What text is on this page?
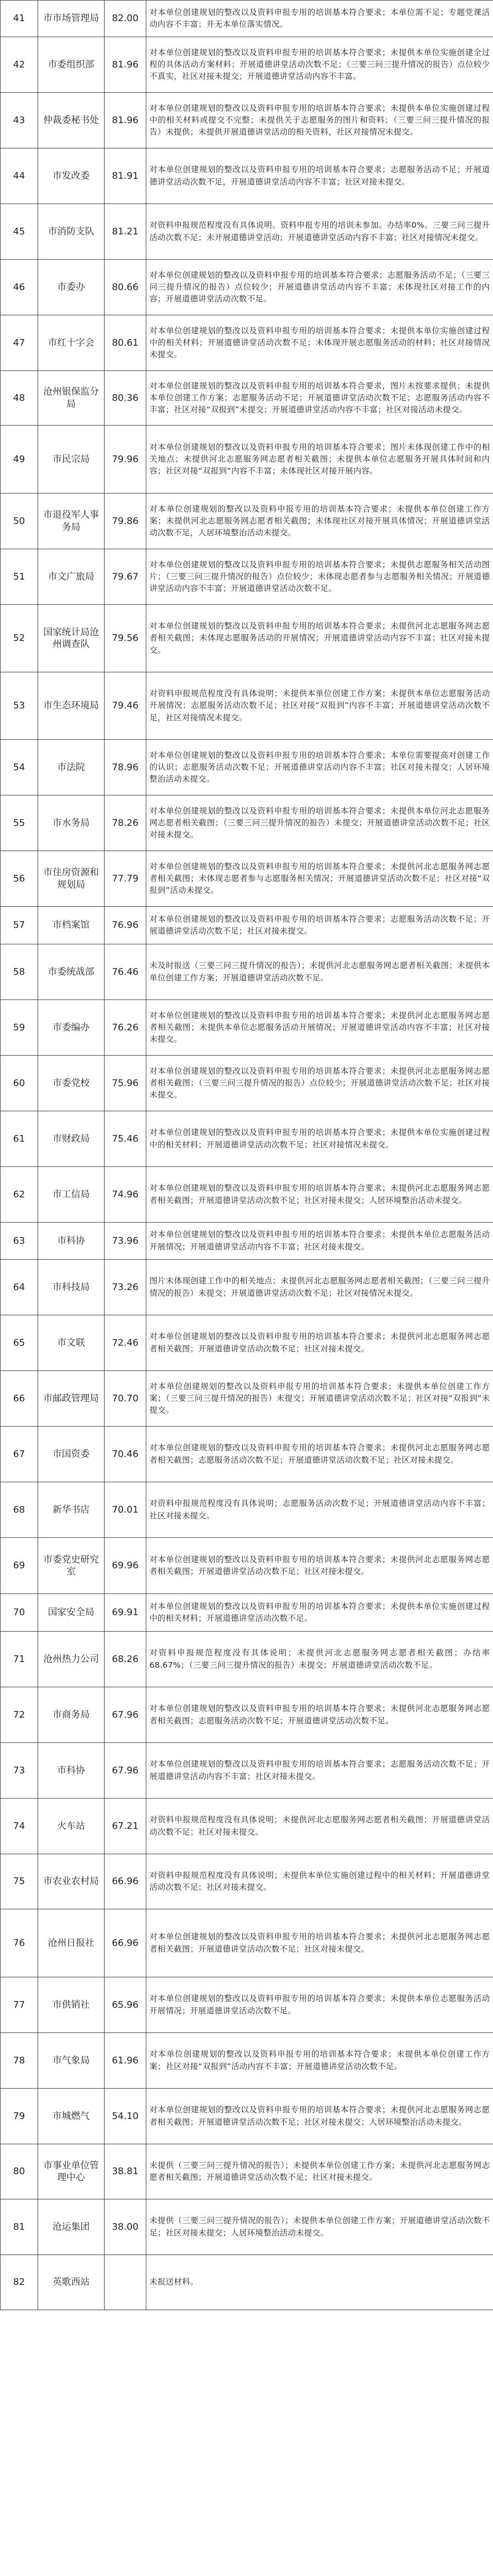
41	市市场管理局	82.00	对本单位创建规划的整改以及资料申报专用的培训基本符合要求；本单位需不足；专题党课活动内容不丰富；并无本单位落实情况。
42	市委组织部	81.96	对本单位创建规划的整改以及资料申报专用的培训基本符合要求；未提供本单位实施创建全过程的具体活动方案材料；开展道德讲堂活动次数不足；（三要三问三提升情况的报告）点位较少不真实，社区对接未提交；开展道德讲堂活动内容不丰富。
43	仲裁委秘书处	81.96	对本单位创建规划的整改以及资料申报专用的培训基本符合要求；未提供本单位实施创建过程中的相关材料或提交不完整；未提供关于志愿服务的图片和资料；（三要三问三提升情况的报告）未提供；未提供开展道德讲堂活动的相关资料，社区对接情况未提交。
44	市发改委	81.91	对本单位创建规划的整改以及资料申报专用的培训基本符合要求；志愿服务活动不足；开展道德讲堂活动次数不足，开展道德讲堂活动内容不丰富；社区对接未提交。
45	市消防支队	81.21	对资料申报规范程度没有具体说明。资料申报专用的培训未参加。办结率0%。三要三问三提升活动次数不足；未开展道德讲堂活动；开展道德讲堂活动内容不丰富；社区对接情况未提交。
46	市委办	80.66	对本单位创建规划的整改以及资料申报专用的培训基本符合要求；志愿服务活动不足；（三要三问三提升情况的报告）点位较少；开展道德讲堂活动内容不丰富；未体现社区对接工作的内容；开展道德讲堂活动次数不足。
47	市红十字会	80.61	对本单位创建规划的整改以及资料申报专用的培训基本符合要求；未提供本单位实施创建过程中的相关材料；开展道德讲堂活动次数不足；未体现开展志愿服务活动的材料；社区对接情况未提交。
48	沧州银保监分局	80.36	对本单位创建规划的整改以及资料申报专用的培训基本符合要求，图片未按要求提供；未提供本单位创建工作方案；志愿服务活动不足；开展道德讲堂活动次数不足；志愿服务活动内容不丰富；社区对接“双报到”未提交；开展道德讲堂活动内容不丰富；社区对接活动未提交。
49	市民宗局	79.96	对本单位创建规划的整改以及资料申报专用的培训基本符合要求；图片未体现创建工作中的相关地点；未提供河北志愿服务网志愿者相关截图；未提供本单位志愿服务开展具体时间和内容；社区对接“双报到”内容不丰富；未体现社区对接开展内容。
50	市退役军人事务局	79.86	对本单位创建规划的整改以及资料申报专用的培训基本符合要求；未提供本单位创建工作方案；未提供河北志愿服务网志愿者相关截图；未体现社区对接开展具体情况；开展道德讲堂活动次数不足，人居环境整治活动未提交。
51	市文广旅局	79.67	对本单位创建规划的整改以及资料申报专用的培训基本符合要求；未提供志愿服务相关活动图片；（三要三问三提升情况的报告）点位较少；未体现志愿者参与志愿服务相关情况；开展道德讲堂活动内容不丰富；开展道德讲堂活动次数不足。
52	国家统计局沧州调查队	79.56	对本单位创建规划的整改以及资料申报专用的培训基本符合要求；未提供河北志愿服务网志愿者相关截图；未体现志愿服务活动的开展情况；开展道德讲堂活动内容不丰富；社区对接未提交。
53	市生态环境局	79.46	对资料申报规范程度没有具体说明；未提供本单位创建工作方案；未提供本单位志愿服务活动开展情况；志愿服务活动次数不足；社区对接“双报到”内容不丰富；开展道德讲堂活动次数不足，社区对接情况未提交。
54	市法院	78.96	对本单位创建规划的整改以及资料申报专用的培训基本符合要求；本单位需要提高对创建工作的认识；志愿服务活动次数不足；开展道德讲堂活动内容不丰富；社区对接未提交；人居环境整治活动未提交。
55	市水务局	78.26	对本单位创建规划的整改以及资料申报专用的培训基本符合要求；未提供本单位河北志愿服务网志愿者相关截图；（三要三问三提升情况的报告）未提交；开展道德讲堂活动次数不足；社区对接未提交。
56	市住房资源和规划局	77.79	对本单位创建规划的整改以及资料申报专用的培训基本符合要求；未提供河北志愿服务网志愿者相关截图；未体现志愿者参与志愿服务相关情况；开展道德讲堂活动次数不足；社区对接“双报到”活动未提交。
57	市档案馆	76.96	对本单位创建规划的整改以及资料申报专用的培训基本符合要求；志愿服务活动次数不足；开展道德讲堂活动次数不足；社区对接未提交。
58	市委统战部	76.46	未及时报送（三要三问三提升情况的报告）；未提供河北志愿服务网志愿者相关截图；未提供本单位创建工作方案；开展道德讲堂活动次数不足。
59	市委编办	76.26	对本单位创建规划的整改以及资料申报专用的培训基本符合要求；未提供河北志愿服务网志愿者相关截图；未提供本单位志愿服务活动开展情况；开展道德讲堂活动内容不丰富；社区对接未提交。
60	市委党校	75.96	对本单位创建规划的整改以及资料申报专用的培训基本符合要求；未提供河北志愿服务网志愿者相关截图；（三要三问三提升情况的报告）点位较少；开展道德讲堂活动次数不足；社区对接未提交。
61	市财政局	75.46	对本单位创建规划的整改以及资料申报专用的培训基本符合要求；未提供本单位实施创建过程中的相关材料；开展道德讲堂活动次数不足；社区对接情况未提交。
62	市工信局	74.96	对本单位创建规划的整改以及资料申报专用的培训基本符合要求；未提供河北志愿服务网志愿者相关截图；开展道德讲堂活动次数不足；社区对接未提交；人居环境整治活动未提交。
63	市科协	73.96	对本单位创建规划的整改以及资料申报专用的培训基本符合要求；未提供本单位志愿服务活动开展情况；开展道德讲堂活动内容不丰富；社区对接未提交。
64	市科技局	73.26	图片未体现创建工作中的相关地点；未提供河北志愿服务网志愿者相关截图；（三要三问三提升情况的报告）未提交；开展道德讲堂活动次数不足；社区对接情况未提交。
65	市文联	72.46	对本单位创建规划的整改以及资料申报专用的培训基本符合要求；未提供河北志愿服务网志愿者相关截图；开展道德讲堂活动次数不足；社区对接未提交。
66	市邮政管理局	70.70	对本单位创建规划的整改以及资料申报专用的培训基本符合要求；未提供本单位创建工作方案；（三要三问三提升情况的报告）未提交；开展道德讲堂活动次数不足；社区对接“双报到”未提交。
67	市国资委	70.46	对本单位创建规划的整改以及资料申报专用的培训基本符合要求；未提供河北志愿服务网志愿者相关截图；志愿服务活动次数不足；开展道德讲堂活动次数不足；社区对接未提交。
68	新华书店	70.01	对资料申报规范程度没有具体说明；志愿服务活动次数不足；开展道德讲堂活动内容不丰富；社区对接未提交。
69	市委党史研究室	69.96	对本单位创建规划的整改以及资料申报专用的培训基本符合要求；未提供河北志愿服务网志愿者相关截图；开展道德讲堂活动次数不足；社区对接未提交。
70	国家安全局	69.91	对本单位创建规划的整改以及资料申报专用的培训基本符合要求；未提供本单位实施创建过程中的相关材料；开展道德讲堂活动次数不足。
71	沧州热力公司	68.26	对资料申报规范程度没有具体说明；未提供河北志愿服务网志愿者相关截图；办结率68.67%；（三要三问三提升情况的报告）未提交；开展道德讲堂活动次数不足。
72	市商务局	67.96	对本单位创建规划的整改以及资料申报专用的培训基本符合要求；未提供河北志愿服务网志愿者相关截图；志愿服务活动次数不足；开展道德讲堂活动次数不足。
73	市科协	67.96	对本单位创建规划的整改以及资料申报专用的培训基本符合要求；志愿服务活动次数不足；开展道德讲堂活动内容不丰富；社区对接未提交。
74	火车站	67.21	对资料申报规范程度没有具体说明；未提供河北志愿服务网志愿者相关截图；开展道德讲堂活动次数不足；社区对接未提交。
75	市农业农村局	66.96	对资料申报规范程度没有具体说明；未提供本单位实施创建过程中的相关材料；开展道德讲堂活动次数不足；社区对接未提交。
76	沧州日报社	66.96	对本单位创建规划的整改以及资料申报专用的培训基本符合要求；未提供河北志愿服务网志愿者相关截图；开展道德讲堂活动次数不足；社区对接未提交。
77	市供销社	65.96	对本单位创建规划的整改以及资料申报专用的培训基本符合要求；未提供本单位志愿服务活动开展情况；开展道德讲堂活动次数不足。
78	市气象局	61.96	对本单位创建规划的整改以及资料申报专用的培训基本符合要求；未提供本单位创建工作方案；社区对接“双报到”活动内容不丰富；开展道德讲堂活动次数不足。
79	市城燃气	54.10	对本单位创建规划的整改以及资料申报专用的培训基本符合要求；未提供河北志愿服务网志愿者相关截图；开展道德讲堂活动次数不足；社区对接未提交；人居环境整治活动未提交。
80	市事业单位管理中心	38.81	未提供（三要三问三提升情况的报告）；未提供本单位创建工作方案；未提供河北志愿服务网志愿者相关截图；开展道德讲堂活动次数不足；社区对接未提交。
81	沧运集团	38.00	未提供（三要三问三提升情况的报告）；未提供本单位创建工作方案；开展道德讲堂活动次数不足；社区对接未提交；人居环境整治活动未提交。
82	英歌西站		未报送材料。
